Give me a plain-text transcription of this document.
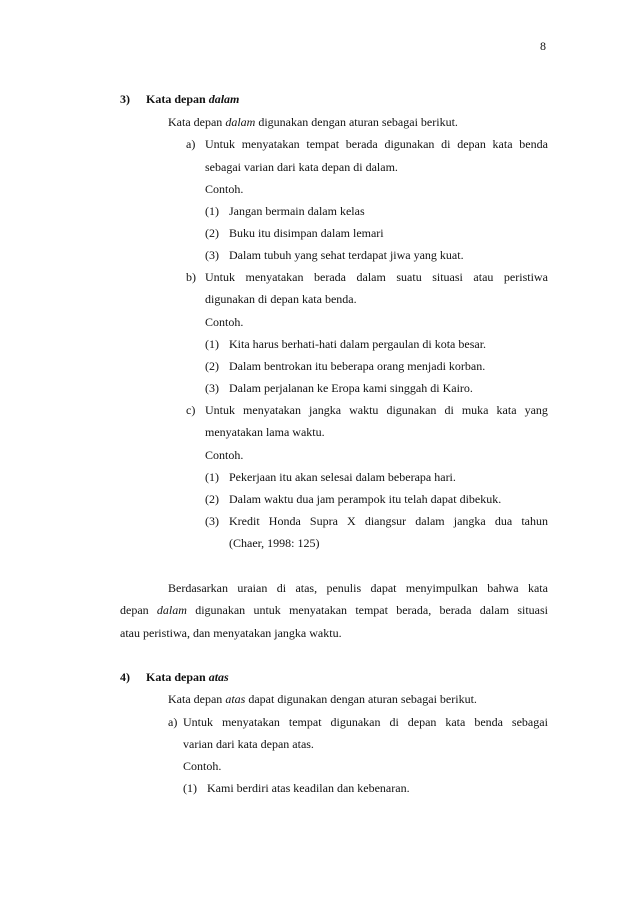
8
3) Kata depan dalam
Kata depan dalam digunakan dengan aturan sebagai berikut.
a) Untuk menyatakan tempat berada digunakan di depan kata benda
sebagai varian dari kata depan di dalam.
Contoh.
(1) Jangan bermain dalam kelas
(2) Buku itu disimpan dalam lemari
(3) Dalam tubuh yang sehat terdapat jiwa yang kuat.
b) Untuk menyatakan berada dalam suatu situasi atau peristiwa
digunakan di depan kata benda.
Contoh.
(1) Kita harus berhati-hati dalam pergaulan di kota besar.
(2) Dalam bentrokan itu beberapa orang menjadi korban.
(3) Dalam perjalanan ke Eropa kami singgah di Kairo.
c) Untuk menyatakan jangka waktu digunakan di muka kata yang
menyatakan lama waktu.
Contoh.
(1) Pekerjaan itu akan selesai dalam beberapa hari.
(2) Dalam waktu dua jam perampok itu telah dapat dibekuk.
(3) Kredit Honda Supra X diangsur dalam jangka dua tahun
(Chaer, 1998: 125)
Berdasarkan uraian di atas, penulis dapat menyimpulkan bahwa kata
depan dalam digunakan untuk menyatakan tempat berada, berada dalam situasi
atau peristiwa, dan menyatakan jangka waktu.
4) Kata depan atas
Kata depan atas dapat digunakan dengan aturan sebagai berikut.
a) Untuk menyatakan tempat digunakan di depan kata benda sebagai
varian dari kata depan atas.
Contoh.
(1) Kami berdiri atas keadilan dan kebenaran.
